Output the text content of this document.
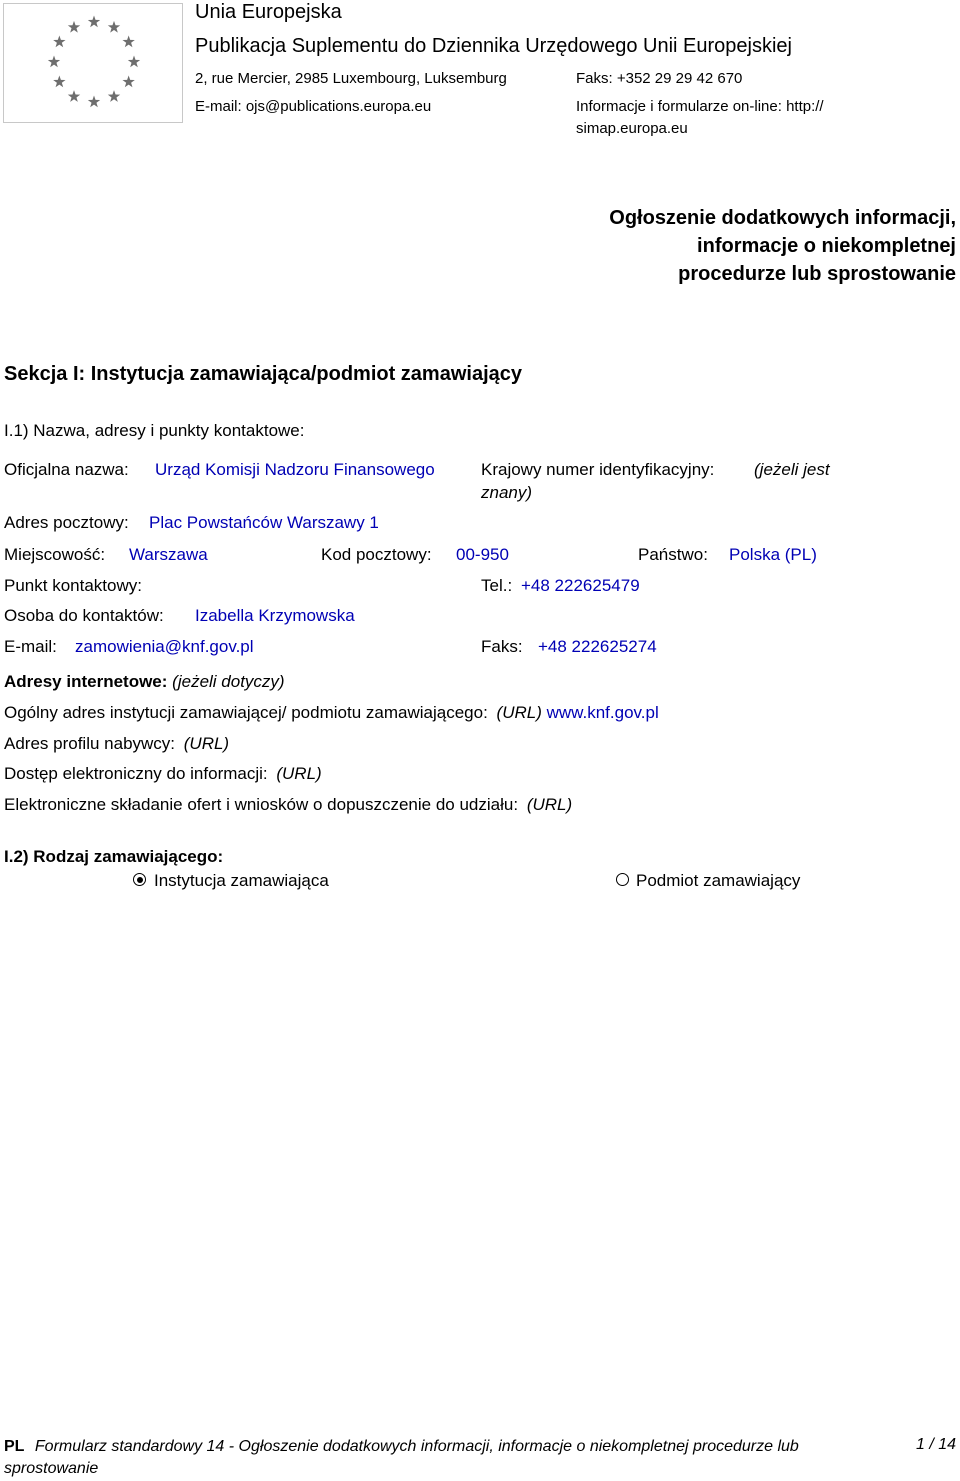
Unia Europejska
Publikacja Suplementu do Dziennika Urzędowego Unii Europejskiej
2, rue Mercier, 2985 Luxembourg, Luksemburg	Faks: +352 29 29 42 670
E-mail: ojs@publications.europa.eu	Informacje i formularze on-line: http://
simap.europa.eu
Ogłoszenie dodatkowych informacji, informacje o niekompletnej procedurze lub sprostowanie
Sekcja I: Instytucja zamawiająca/podmiot zamawiający
I.1) Nazwa, adresy i punkty kontaktowe:
Oficjalna nazwa: Urząd Komisji Nadzoru Finansowego	Krajowy numer identyfikacyjny: (jeżeli jest
znany)
Adres pocztowy: Plac Powstańców Warszawy 1
Miejscowość: Warszawa	Kod pocztowy: 00-950	Państwo: Polska (PL)
Punkt kontaktowy:	Tel.: +48 222625479
Osoba do kontaktów: Izabella Krzymowska
E-mail: zamowienia@knf.gov.pl	Faks: +48 222625274
Adresy internetowe: (jeżeli dotyczy)
Ogólny adres instytucji zamawiającej/ podmiotu zamawiającego: (URL) www.knf.gov.pl
Adres profilu nabywcy: (URL)
Dostęp elektroniczny do informacji: (URL)
Elektroniczne składanie ofert i wniosków o dopuszczenie do udziału: (URL)
I.2) Rodzaj zamawiającego:
Instytucja zamawiająca	Podmiot zamawiający
PL Formularz standardowy 14 - Ogłoszenie dodatkowych informacji, informacje o niekompletnej procedurze lub sprostowanie
1 / 14
